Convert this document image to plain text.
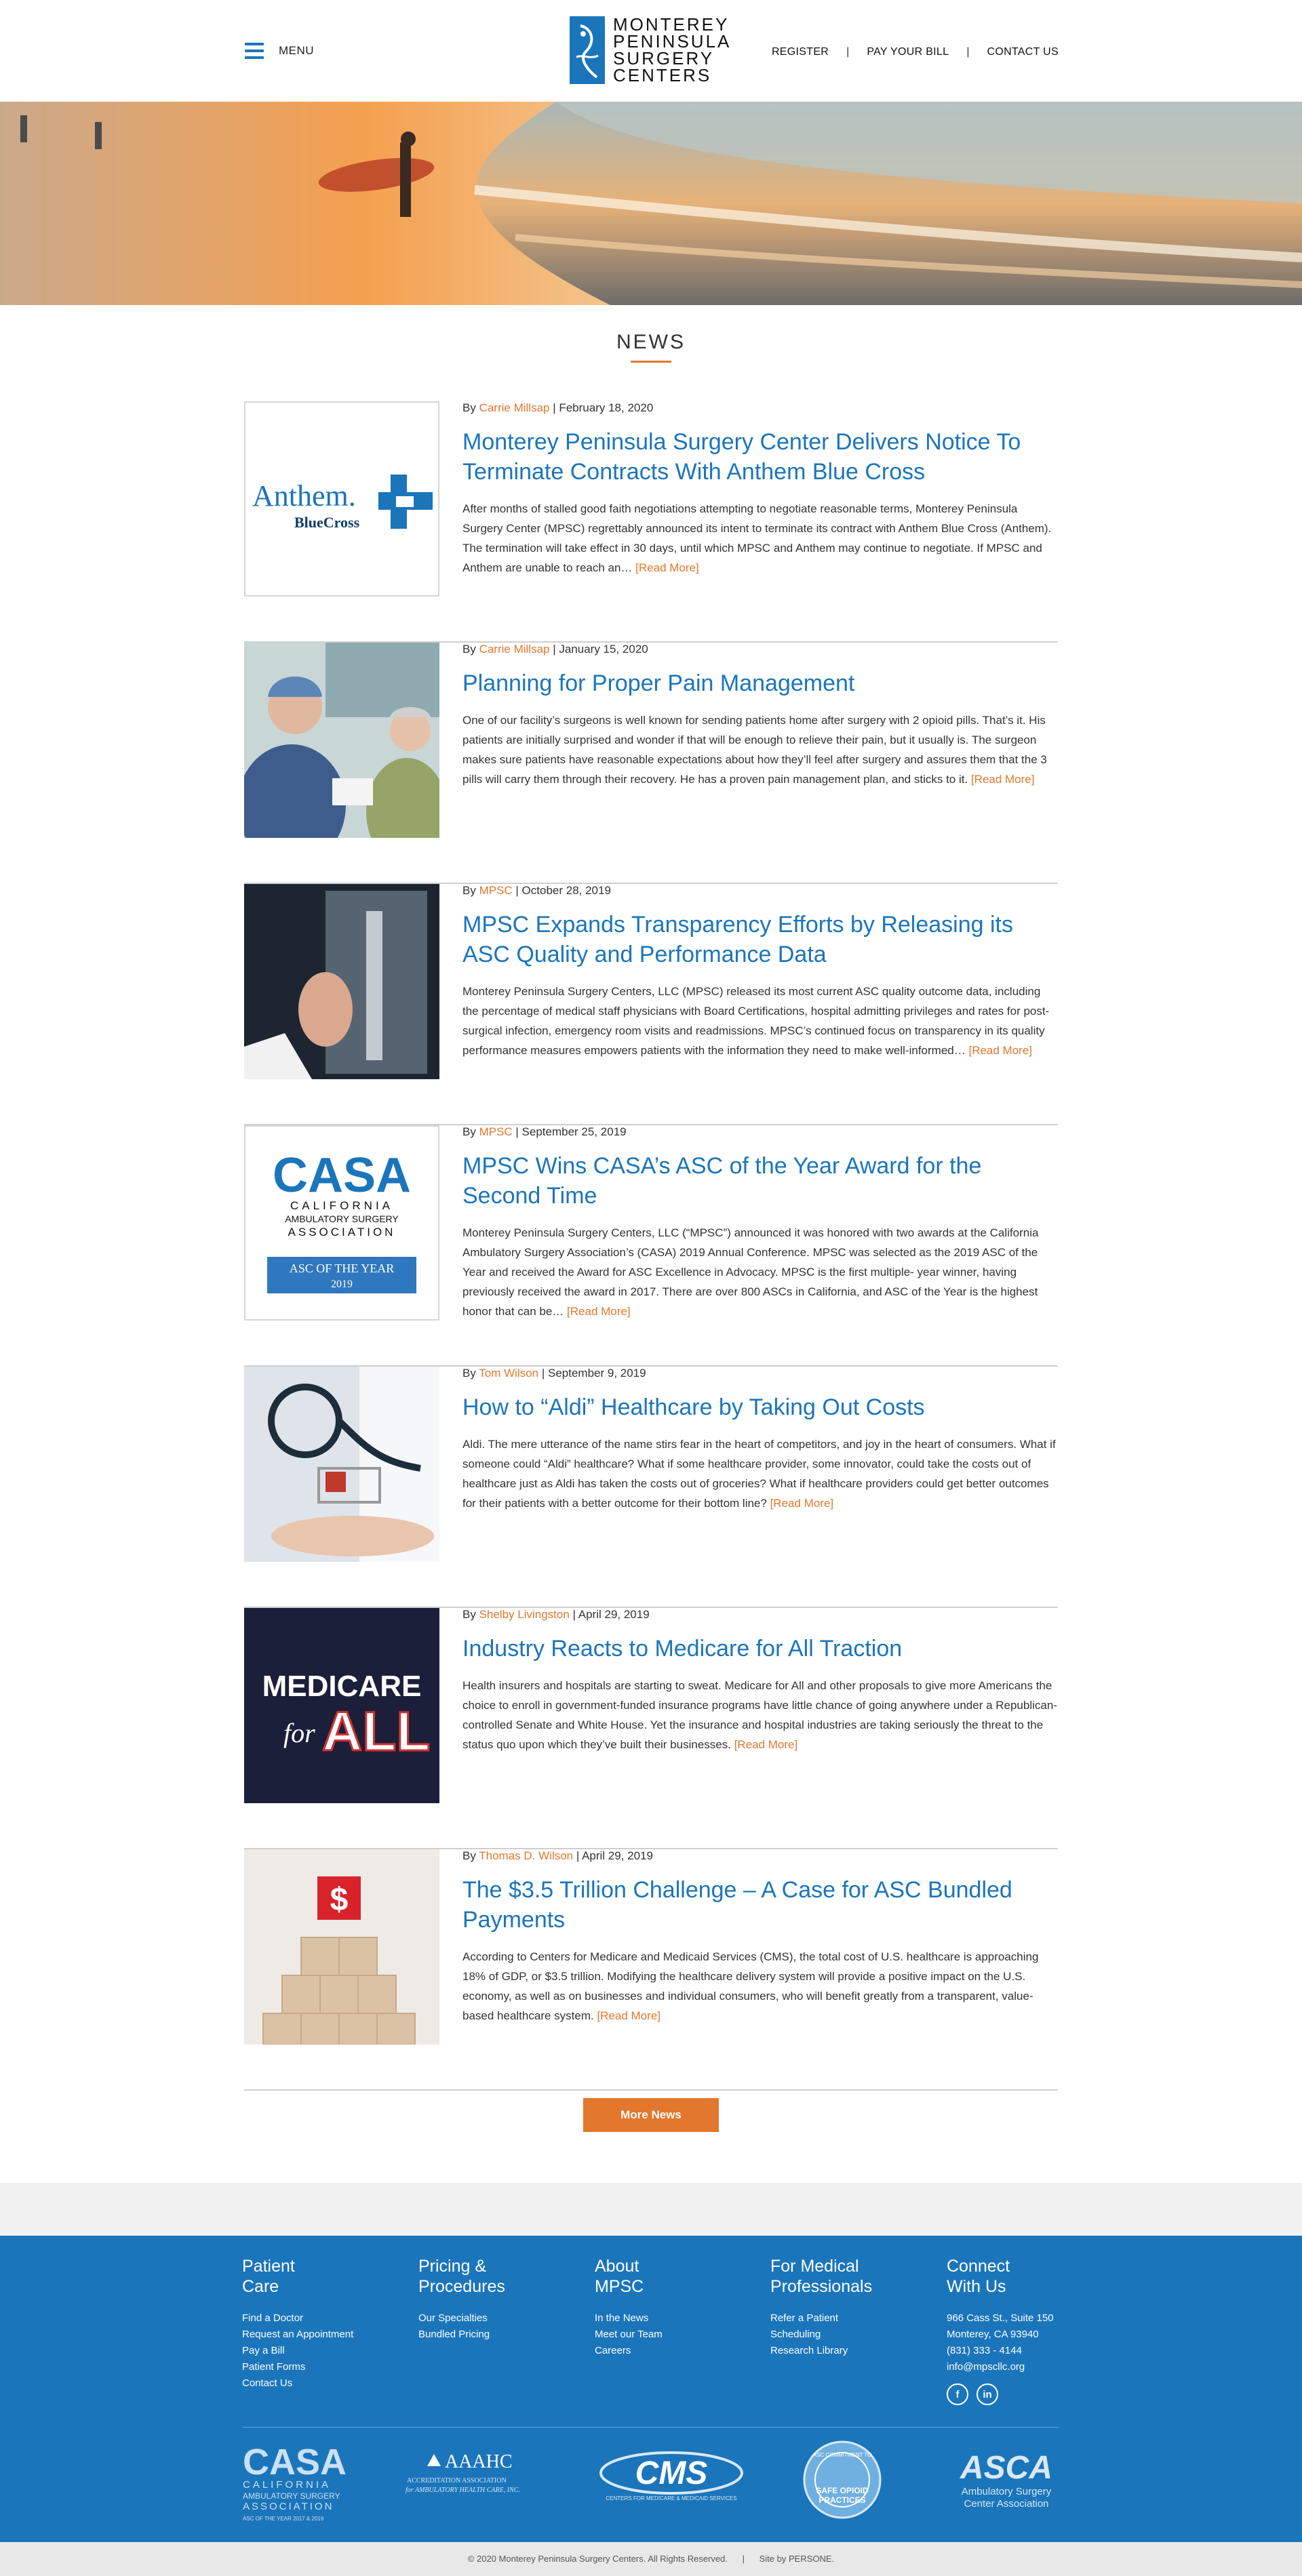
MENU
MONTEREY
PENINSULA
SURGERY
CENTERS
REGISTER | PAY YOUR BILL | CONTACT US
NEWS
Anthem.
BlueCross
By Carrie Millsap | February 18, 2020
Monterey Peninsula Surgery Center Delivers Notice To Terminate Contracts With Anthem Blue Cross

After months of stalled good faith negotiations attempting to negotiate reasonable terms, Monterey Peninsula Surgery Center (MPSC) regrettably announced its intent to terminate its contract with Anthem Blue Cross (Anthem). The termination will take effect in 30 days, until which MPSC and Anthem may continue to negotiate. If MPSC and Anthem are unable to reach an… [Read More]

By Carrie Millsap | January 15, 2020
Planning for Proper Pain Management

One of our facility’s surgeons is well known for sending patients home after surgery with 2 opioid pills. That’s it. His patients are initially surprised and wonder if that will be enough to relieve their pain, but it usually is. The surgeon makes sure patients have reasonable expectations about how they’ll feel after surgery and assures them that the 3 pills will carry them through their recovery. He has a proven pain management plan, and sticks to it. [Read More]

By MPSC | October 28, 2019
MPSC Expands Transparency Efforts by Releasing its ASC Quality and Performance Data

Monterey Peninsula Surgery Centers, LLC (MPSC) released its most current ASC quality outcome data, including the percentage of medical staff physicians with Board Certifications, hospital admitting privileges and rates for post-surgical infection, emergency room visits and readmissions. MPSC’s continued focus on transparency in its quality performance measures empowers patients with the information they need to make well-informed… [Read More]

CASA
CALIFORNIA
AMBULATORY SURGERY
ASSOCIATION
ASC OF THE YEAR
2019
By MPSC | September 25, 2019
MPSC Wins CASA’s ASC of the Year Award for the Second Time

Monterey Peninsula Surgery Centers, LLC (“MPSC”) announced it was honored with two awards at the California Ambulatory Surgery Association’s (CASA) 2019 Annual Conference. MPSC was selected as the 2019 ASC of the Year and received the Award for ASC Excellence in Advocacy. MPSC is the first multiple- year winner, having previously received the award in 2017. There are over 800 ASCs in California, and ASC of the Year is the highest honor that can be… [Read More]

By Tom Wilson | September 9, 2019
How to “Aldi” Healthcare by Taking Out Costs

Aldi. The mere utterance of the name stirs fear in the heart of competitors, and joy in the heart of consumers. What if someone could “Aldi” healthcare? What if some healthcare provider, some innovator, could take the costs out of healthcare just as Aldi has taken the costs out of groceries? What if healthcare providers could get better outcomes for their patients with a better outcome for their bottom line? [Read More]

MEDICARE
for ALL
By Shelby Livingston | April 29, 2019
Industry Reacts to Medicare for All Traction

Health insurers and hospitals are starting to sweat. Medicare for All and other proposals to give more Americans the choice to enroll in government-funded insurance programs have little chance of going anywhere under a Republican-controlled Senate and White House. Yet the insurance and hospital industries are taking seriously the threat to the status quo upon which they’ve built their businesses. [Read More]

$
By Thomas D. Wilson | April 29, 2019
The $3.5 Trillion Challenge – A Case for ASC Bundled Payments

According to Centers for Medicare and Medicaid Services (CMS), the total cost of U.S. healthcare is approaching 18% of GDP, or $3.5 trillion. Modifying the healthcare delivery system will provide a positive impact on the U.S. economy, as well as on businesses and individual consumers, who will benefit greatly from a transparent, value-based healthcare system. [Read More]

More News
Patient
Care
Find a Doctor
Request an Appointment
Pay a Bill
Patient Forms
Contact Us
Pricing &
Procedures
Our Specialties
Bundled Pricing
About
MPSC
In the News
Meet our Team
Careers
For Medical
Professionals
Refer a Patient
Scheduling
Research Library
Connect
With Us
966 Cass St., Suite 150
Monterey, CA 93940
(831) 333 - 4144
info@mpscllc.org
f	in
CASA
CALIFORNIA
AMBULATORY SURGERY
ASSOCIATION
ASC OF THE YEAR 2017 & 2019
AAAHC
ACCREDITATION ASSOCIATION
for AMBULATORY HEALTH CARE, INC.	CMS
CENTERS FOR MEDICARE & MEDICAID SERVICES
ASC COMMITMENT TO
SAFE OPIOID
PRACTICES
ASCA
Ambulatory Surgery
Center Association
© 2020 Monterey Peninsula Surgery Centers. All Rights Reserved. | Site by PERSONE.
